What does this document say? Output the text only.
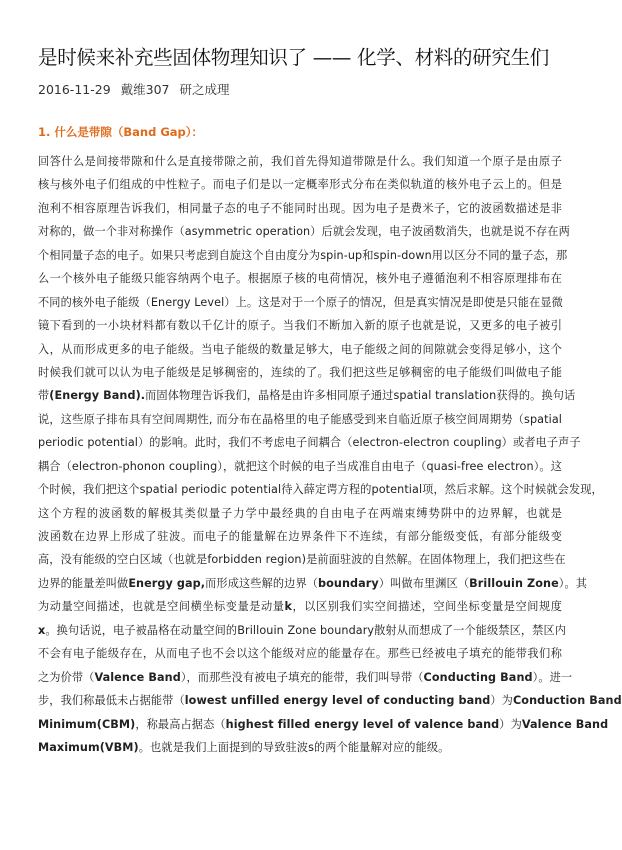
是时候来补充些固体物理知识了 —— 化学、材料的研究生们
2016-11-29 戴维307 研之成理
1. 什么是带隙（Band Gap）：
回答什么是间接带隙和什么是直接带隙之前，我们首先得知道带隙是什么。我们知道一个原子是由原子
核与核外电子们组成的中性粒子。而电子们是以一定概率形式分布在类似轨道的核外电子云上的。但是
泡利不相容原理告诉我们，相同量子态的电子不能同时出现。因为电子是费米子，它的波函数描述是非
对称的，做一个非对称操作（asymmetric operation）后就会发现，电子波函数消失，也就是说不存在两
个相同量子态的电子。如果只考虑到自旋这个自由度分为spin-up和spin-down用以区分不同的量子态，那
么一个核外电子能级只能容纳两个电子。根据原子核的电荷情况，核外电子遵循泡利不相容原理排布在
不同的核外电子能级（Energy Level）上。这是对于一个原子的情况，但是真实情况是即使是只能在显微
镜下看到的一小块材料都有数以千亿计的原子。当我们不断加入新的原子也就是说，又更多的电子被引
入，从而形成更多的电子能级。当电子能级的数量足够大，电子能级之间的间隙就会变得足够小，这个
时候我们就可以认为电子能级是足够稠密的，连续的了。我们把这些足够稠密的电子能级们叫做电子能
带(Energy Band).而固体物理告诉我们，晶格是由许多相同原子通过spatial translation获得的。换句话
说，这些原子排布具有空间周期性, 而分布在晶格里的电子能感受到来自临近原子核空间周期势（spatial
periodic potential）的影响。此时，我们不考虑电子间耦合（electron-electron coupling）或者电子声子
耦合（electron-phonon coupling），就把这个时候的电子当成准自由电子（quasi-free electron）。这
个时候，我们把这个spatial periodic potential待入薛定谔方程的potential项，然后求解。这个时候就会发现，
这个方程的波函数的解极其类似量子力学中最经典的自由电子在两端束缚势阱中的边界解，也就是
波函数在边界上形成了驻波。而电子的能量解在边界条件下不连续，有部分能级变低，有部分能级变
高，没有能级的空白区域（也就是forbidden region)是前面驻波的自然解。在固体物理上，我们把这些在
边界的能量差叫做Energy gap,而形成这些解的边界（boundary）叫做布里渊区（Brillouin Zone）。其
为动量空间描述，也就是空间横坐标变量是动量k，以区别我们实空间描述，空间坐标变量是空间规度
x。换句话说，电子被晶格在动量空间的Brillouin Zone boundary散射从而想成了一个能级禁区，禁区内
不会有电子能级存在，从而电子也不会以这个能级对应的能量存在。那些已经被电子填充的能带我们称
之为价带（Valence Band），而那些没有被电子填充的能带，我们叫导带（Conducting Band）。进一
步，我们称最低未占据能带（lowest unfilled energy level of conducting band）为Conduction Band
Minimum(CBM)，称最高占据态（highest filled energy level of valence band）为Valence Band
Maximum(VBM)。也就是我们上面提到的导致驻波s的两个能量解对应的能级。
